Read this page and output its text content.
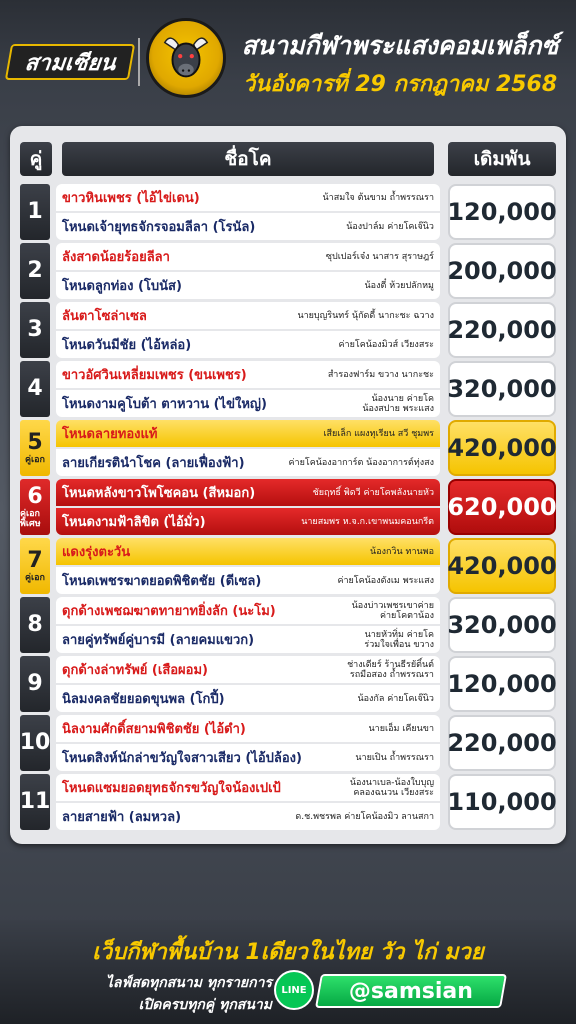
สามเซียน
สนามกีฬาพระแสงคอมเพล็กซ์
วันอังคารที่ 29 กรกฎาคม 2568
คู่	ชื่อโค	เดิมพัน
1
ขาวหินเพชร (ไอ้ไข่เดน)	น้าสมใจ ต้นขาม ถ้ำพรรณรา
โหนดเจ้ายุทธจักรจอมลีลา (โรนัล)	น้องปาล์ม ค่ายโคเจ๊นิว
120,000
2
ลังสาดน้อยร้อยลีลา	ซุปเปอร์เจ๋ง นาสาร สุราษฎร์
โหนดลูกท่อง (โบนัส)	น้องตี๋ ห้วยปลักหมู
200,000
3
ลันตาโซล่าเซล	นายบุญรินทร์ นุ้กัดดี้ นากะชะ ฉวาง
โหนดวันมีชัย (ไอ้หล่อ)	ค่ายโคน้องมิวส์ เวียงสระ
220,000
4
ขาวอัศวินเหลี่ยมเพชร (ขนเพชร)	สำรองฟาร์ม ขวาง นากะชะ
โหนดงามคูโบต้า ตาหวาน (ไข่ใหญ่)	น้องนาย ค่ายโค
น้องสปาย พระแสง
320,000
5
คู่เอก
โหนดลายทองแท้	เสียเล็ก แผงทุเรียน สวี ชุมพร
ลายเกียรตินำโชค (ลายเฟื่องฟ้า)	ค่ายโคน้องอาการ์ต น้องอาการต์ทุ่งสง
420,000
6
คู่เอกพิเศษ
โหนดหลังขาวโพโซคอน (สีหมอก)	ชัยฤทธิ์ พิดวี ค่ายโคพลังนายหัว
โหนดงามฟ้าลิขิต (ไอ้มั่ว)	นายสมพร ห.จ.ก.เขาพนมคอนกรีต
620,000
7
คู่เอก
แดงรุ่งตะวัน	น้องกวิน ทานพอ
โหนดเพชรฆาตยอดพิชิตชัย (ดีเซล)	ค่ายโคน้องดังเม พระแสง
420,000
8
ดุกด้างเพชฌฆาตทายาทยิ่งลัก (นะโม)	น้องบ่าวเพชรเขาค่าย
ค่ายโคตาน้อง
ลายคู่ทรัพย์คู่บารมี (ลายคมแขวก)	นายหัวทิ่ม ค่ายโค
ร่วมใจเพื่อน ขวาง
320,000
9
ดุกด้างล่าทรัพย์ (เสือผอม)	ช่างเดียร์ ร้านธีรยัติ์นต์
รถมือสอง ถ้ำพรรณรา
นิลมงคลชัยยอดขุนพล (โกปี้)	น้องกัล ค่ายโคเจ๊นิว
120,000
10
นิลงามศักดิ์สยามพิชิตชัย (ไอ้ดำ)	นายเอ็ม เคียนขา
โหนดสิงห์นักล่าขวัญใจสาวเสียว (ไอ้ปล้อง)	นายเปิน ถ้ำพรรณรา
220,000
11
โหนดแซมยอดยุทธจักรขวัญใจน้องเปเป้	น้องนาเบล-น้องใบบุญ
คลองฉนวน เวียงสระ
ลายสายฟ้า (ลมหวล)	ด.ช.พชรพล ค่ายโคน้องมิว ลานสกา
110,000
เว็บกีฬาพื้นบ้าน 1เดียวในไทย วัว ไก่ มวย
ไลฟ์สดทุกสนาม ทุกรายการ
เปิดครบทุกคู่ ทุกสนาม
LINE @samsian
